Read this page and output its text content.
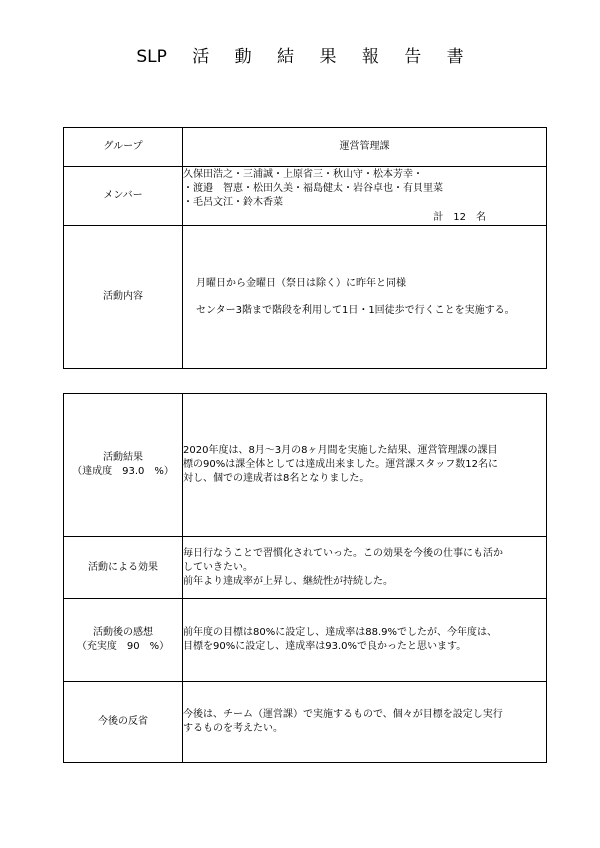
SLP 活 動 結 果 報 告 書
グループ	運営管理課
メンバー	久保田浩之・三浦誠・上原省三・秋山守・松本芳幸・
・渡邉　智恵・松田久美・福島健太・岩谷卓也・有貝里菜
・毛呂文江・鈴木香菜
計　12　名

活動内容	月曜日から金曜日（祭日は除く）に昨年と同様
センター3階まで階段を利用して1日・1回徒歩で行くことを実施する。
活動結果
（達成度　93.0　%）	2020年度は、8月～3月の8ヶ月間を実施した結果、運営管理課の課目
標の90%は課全体としては達成出来ました。運営課スタッフ数12名に
対し、個での達成者は8名となりました。

活動による効果	毎日行なうことで習慣化されていった。この効果を今後の仕事にも活か
していきたい。
前年より達成率が上昇し、継続性が持続した。

活動後の感想
（充実度　90　%）	前年度の目標は80%に設定し、達成率は88.9%でしたが、今年度は、
目標を90%に設定し、達成率は93.0%で良かったと思います。

今後の反省	今後は、チーム（運営課）で実施するもので、個々が目標を設定し実行
するものを考えたい。
